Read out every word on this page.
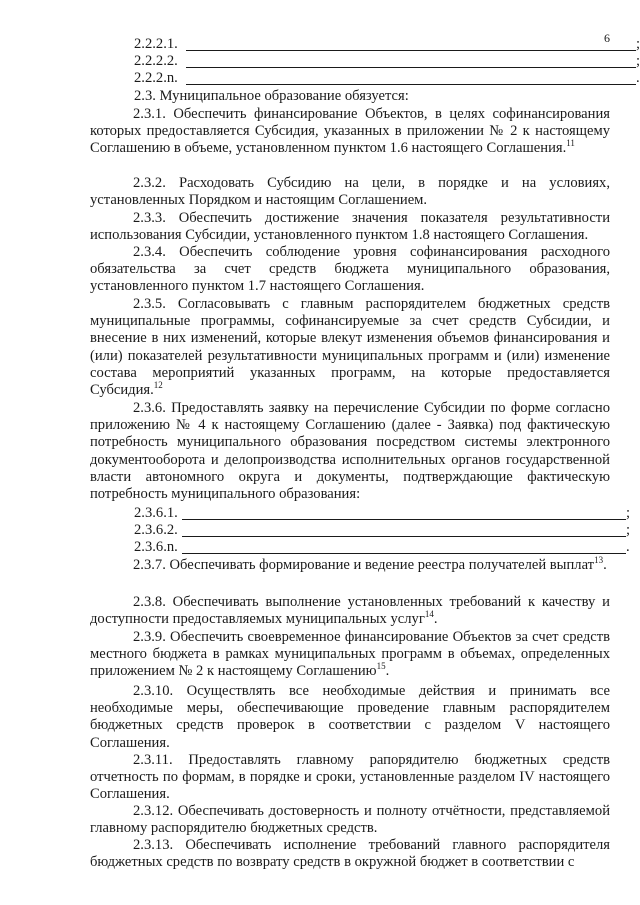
6
2.2.2.1.	;
2.2.2.2.	;
2.2.2.n.	.

2.3. Муниципальное образование обязуется:

2.3.1. Обеспечить финансирование Объектов, в целях софинансирования которых предоставляется Субсидия, указанных в приложении № 2 к настоящему Соглашению в объеме, установленном пунктом 1.6 настоящего Соглашения.$^{11}$

2.3.2. Расходовать Субсидию на цели, в порядке и на условиях, установленных Порядком и настоящим Соглашением.

2.3.3. Обеспечить достижение значения показателя результативности использования Субсидии, установленного пунктом 1.8 настоящего Соглашения.

2.3.4. Обеспечить соблюдение уровня софинансирования расходного обязательства за счет средств бюджета муниципального образования, установленного пунктом 1.7 настоящего Соглашения.

2.3.5. Согласовывать с главным распорядителем бюджетных средств муниципальные программы, софинансируемые за счет средств Субсидии, и внесение в них изменений, которые влекут изменения объемов финансирования и (или) показателей результативности муниципальных программ и (или) изменение состава мероприятий указанных программ, на которые предоставляется Субсидия.$^{12}$

2.3.6. Предоставлять заявку на перечисление Субсидии по форме согласно приложению № 4 к настоящему Соглашению (далее - Заявка) под фактическую потребность муниципального образования посредством системы электронного документооборота и делопроизводства исполнительных органов государственной власти автономного округа и документы, подтверждающие фактическую потребность муниципального образования:

2.3.6.1.	;
2.3.6.2.	;
2.3.6.n.	.

2.3.7. Обеспечивать формирование и ведение реестра получателей выплат$^{13}$.

2.3.8. Обеспечивать выполнение установленных требований к качеству и доступности предоставляемых муниципальных услуг$^{14}$.

2.3.9. Обеспечить своевременное финансирование Объектов за счет средств местного бюджета в рамках муниципальных программ в объемах, определенных приложением № 2 к настоящему Соглашению$^{15}$.

2.3.10. Осуществлять все необходимые действия и принимать все необходимые меры, обеспечивающие проведение главным распорядителем бюджетных средств проверок в соответствии с разделом V настоящего Соглашения.

2.3.11. Предоставлять главному рапорядителю бюджетных средств отчетность по формам, в порядке и сроки, установленные разделом IV настоящего Соглашения.

2.3.12. Обеспечивать достоверность и полноту отчётности, представляемой главному распорядителю бюджетных средств.

2.3.13. Обеспечивать исполнение требований главного распорядителя бюджетных средств по возврату средств в окружной бюджет в соответствии с
